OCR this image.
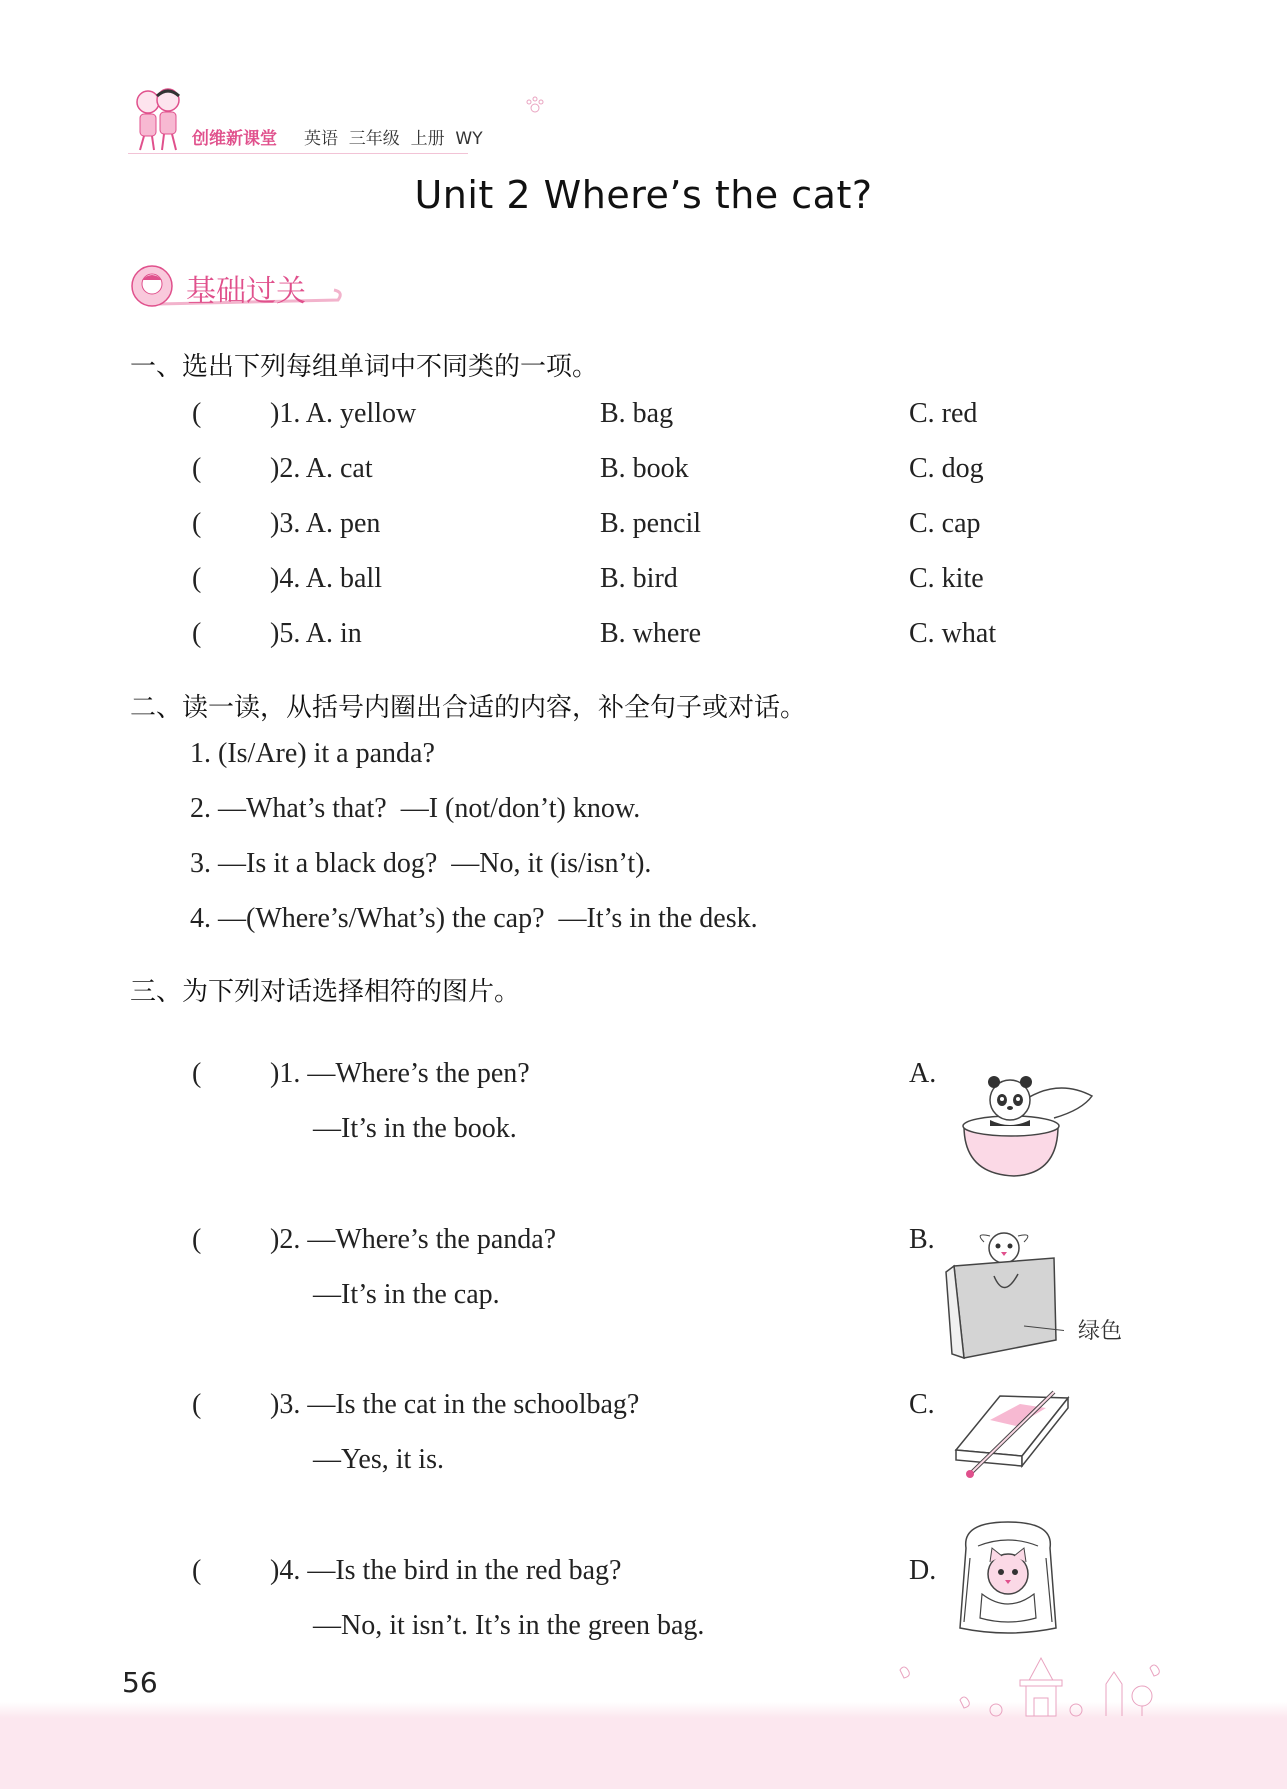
创维新课堂 英语  三年级  上册  WY
Unit 2 Where’s the cat?
基础过关
一、选出下列每组单词中不同类的一项。
( )1. A. yellow	B. bag	C. red
( )2. A. cat	B. book	C. dog
( )3. A. pen	B. pencil	C. cap
( )4. A. ball	B. bird	C. kite
( )5. A. in	B. where	C. what
二、读一读，从括号内圈出合适的内容，补全句子或对话。
1. (Is/Are) it a panda?
2. —What’s that?  —I (not/don’t) know.
3. —Is it a black dog?  —No, it (is/isn’t).
4. —(Where’s/What’s) the cap?  —It’s in the desk.
三、为下列对话选择相符的图片。
( )1. —Where’s the pen?
—It’s in the book.
( )2. —Where’s the panda?
—It’s in the cap.
( )3. —Is the cat in the schoolbag?
—Yes, it is.
( )4. —Is the bird in the red bag?
—No, it isn’t. It’s in the green bag.
A.
B.
C.
D.
绿色
56
